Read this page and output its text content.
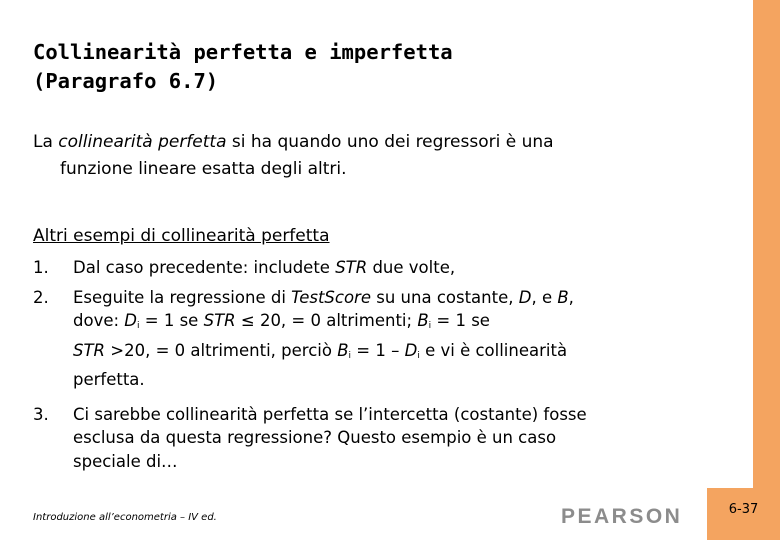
Collinearità perfetta e imperfetta
(Paragrafo 6.7)
La collinearità perfetta si ha quando uno dei regressori è una
funzione lineare esatta degli altri.
Altri esempi di collinearità perfetta
1. Dal caso precedente: includete STR due volte,
2. Eseguite la regressione di TestScore su una costante, D, e B,
dove: $D_i = 1$ se STR ≤ 20, = 0 altrimenti; $B_i = 1$ se
STR >20, = 0 altrimenti, perciò $B_i = 1 - D_i$ e vi è collinearità
perfetta.
3. Ci sarebbe collinearità perfetta se l’intercetta (costante) fosse
esclusa da questa regressione? Questo esempio è un caso
speciale di…
Introduzione all’econometria – IV ed.	PEARSON	6-37
